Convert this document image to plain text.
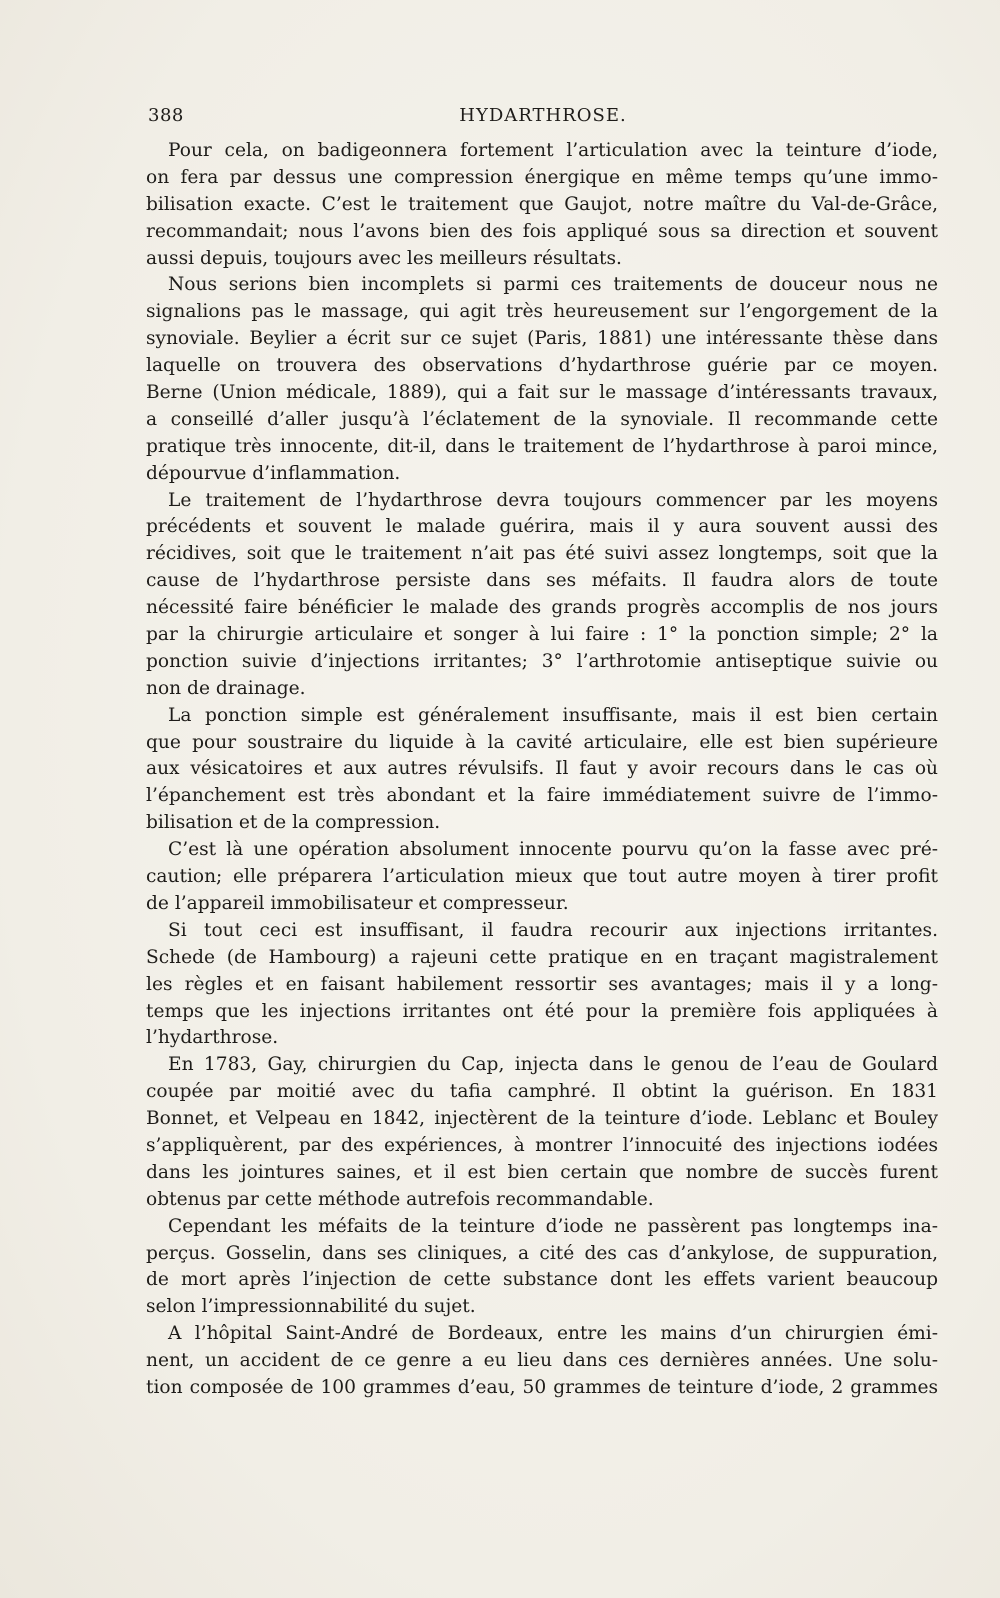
388	HYDARTHROSE.
Pour cela, on badigeonnera fortement l’articulation avec la teinture d’iode,
on fera par dessus une compression énergique en même temps qu’une immo-
bilisation exacte. C’est le traitement que Gaujot, notre maître du Val-de-Grâce,
recommandait; nous l’avons bien des fois appliqué sous sa direction et souvent
aussi depuis, toujours avec les meilleurs résultats.
Nous serions bien incomplets si parmi ces traitements de douceur nous ne
signalions pas le massage, qui agit très heureusement sur l’engorgement de la
synoviale. Beylier a écrit sur ce sujet (Paris, 1881) une intéressante thèse dans
laquelle on trouvera des observations d’hydarthrose guérie par ce moyen.
Berne (Union médicale, 1889), qui a fait sur le massage d’intéressants travaux,
a conseillé d’aller jusqu’à l’éclatement de la synoviale. Il recommande cette
pratique très innocente, dit-il, dans le traitement de l’hydarthrose à paroi mince,
dépourvue d’inflammation.
Le traitement de l’hydarthrose devra toujours commencer par les moyens
précédents et souvent le malade guérira, mais il y aura souvent aussi des
récidives, soit que le traitement n’ait pas été suivi assez longtemps, soit que la
cause de l’hydarthrose persiste dans ses méfaits. Il faudra alors de toute
nécessité faire bénéficier le malade des grands progrès accomplis de nos jours
par la chirurgie articulaire et songer à lui faire : 1° la ponction simple; 2° la
ponction suivie d’injections irritantes; 3° l’arthrotomie antiseptique suivie ou
non de drainage.
La ponction simple est généralement insuffisante, mais il est bien certain
que pour soustraire du liquide à la cavité articulaire, elle est bien supérieure
aux vésicatoires et aux autres révulsifs. Il faut y avoir recours dans le cas où
l’épanchement est très abondant et la faire immédiatement suivre de l’immo-
bilisation et de la compression.
C’est là une opération absolument innocente pourvu qu’on la fasse avec pré-
caution; elle préparera l’articulation mieux que tout autre moyen à tirer profit
de l’appareil immobilisateur et compresseur.
Si tout ceci est insuffisant, il faudra recourir aux injections irritantes.
Schede (de Hambourg) a rajeuni cette pratique en en traçant magistralement
les règles et en faisant habilement ressortir ses avantages; mais il y a long-
temps que les injections irritantes ont été pour la première fois appliquées à
l’hydarthrose.
En 1783, Gay, chirurgien du Cap, injecta dans le genou de l’eau de Goulard
coupée par moitié avec du tafia camphré. Il obtint la guérison. En 1831
Bonnet, et Velpeau en 1842, injectèrent de la teinture d’iode. Leblanc et Bouley
s’appliquèrent, par des expériences, à montrer l’innocuité des injections iodées
dans les jointures saines, et il est bien certain que nombre de succès furent
obtenus par cette méthode autrefois recommandable.
Cependant les méfaits de la teinture d’iode ne passèrent pas longtemps ina-
perçus. Gosselin, dans ses cliniques, a cité des cas d’ankylose, de suppuration,
de mort après l’injection de cette substance dont les effets varient beaucoup
selon l’impressionnabilité du sujet.
A l’hôpital Saint-André de Bordeaux, entre les mains d’un chirurgien émi-
nent, un accident de ce genre a eu lieu dans ces dernières années. Une solu-
tion composée de 100 grammes d’eau, 50 grammes de teinture d’iode, 2 grammes
